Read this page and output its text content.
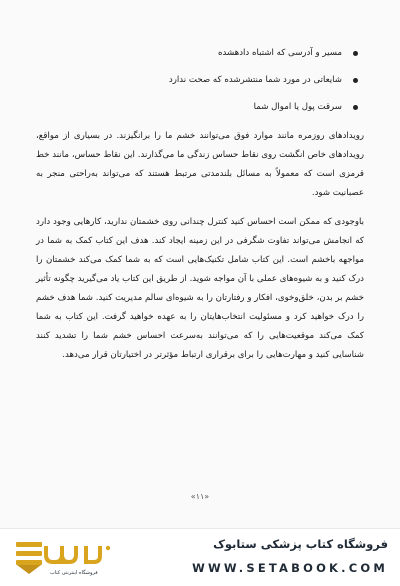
مسیر و آدرسی که اشتباه دادهشده
شایعاتی در مورد شما منتشرشده که صحت ندارد
سرقت پول یا اموال شما

رویدادهای روزمره مانند موارد فوق می‌توانند خشم ما را برانگیزند. در بسیاری از مواقع، رویدادهای خاص انگشت روی نقاط حساس زندگی ما می‌گذارند. این نقاط حساس، مانند خط قرمزی است که معمولاً به مسائل بلندمدتی مرتبط هستند که می‌تواند به‌راحتی منجر به عصبانیت شود.

باوجودی که ممکن است احساس کنید کنترل چندانی روی خشمتان ندارید، کارهایی وجود دارد که انجامش می‌تواند تفاوت شگرفی در این زمینه ایجاد کند. هدف این کتاب کمک به شما در مواجهه باخشم است. این کتاب شامل تکنیک‌هایی است که به شما کمک می‌کند خشمتان را درک کنید و به شیوه‌های عملی با آن مواجه شوید. از طریق این کتاب یاد می‌گیرید چگونه تأثیر خشم بر بدن، خلق‌وخوی، افکار و رفتارتان را به شیوه‌ای سالم مدیریت کنید. شما هدف خشم را درک خواهید کرد و مسئولیت انتخاب‌هایتان را به عهده خواهید گرفت. این کتاب به شما کمک می‌کند موقعیت‌هایی را که می‌توانند به‌سرعت احساس خشم شما را تشدید کنند شناسایی کنید و مهارت‌هایی را برای برقراری ارتباط مؤثرتر در اختیارتان قرار می‌دهد.

«۱۱»
فروشگاه اینترنتی کتاب
فروشگاه کتاب پزشکی ستابوک
WWW.SETABOOK.COM
